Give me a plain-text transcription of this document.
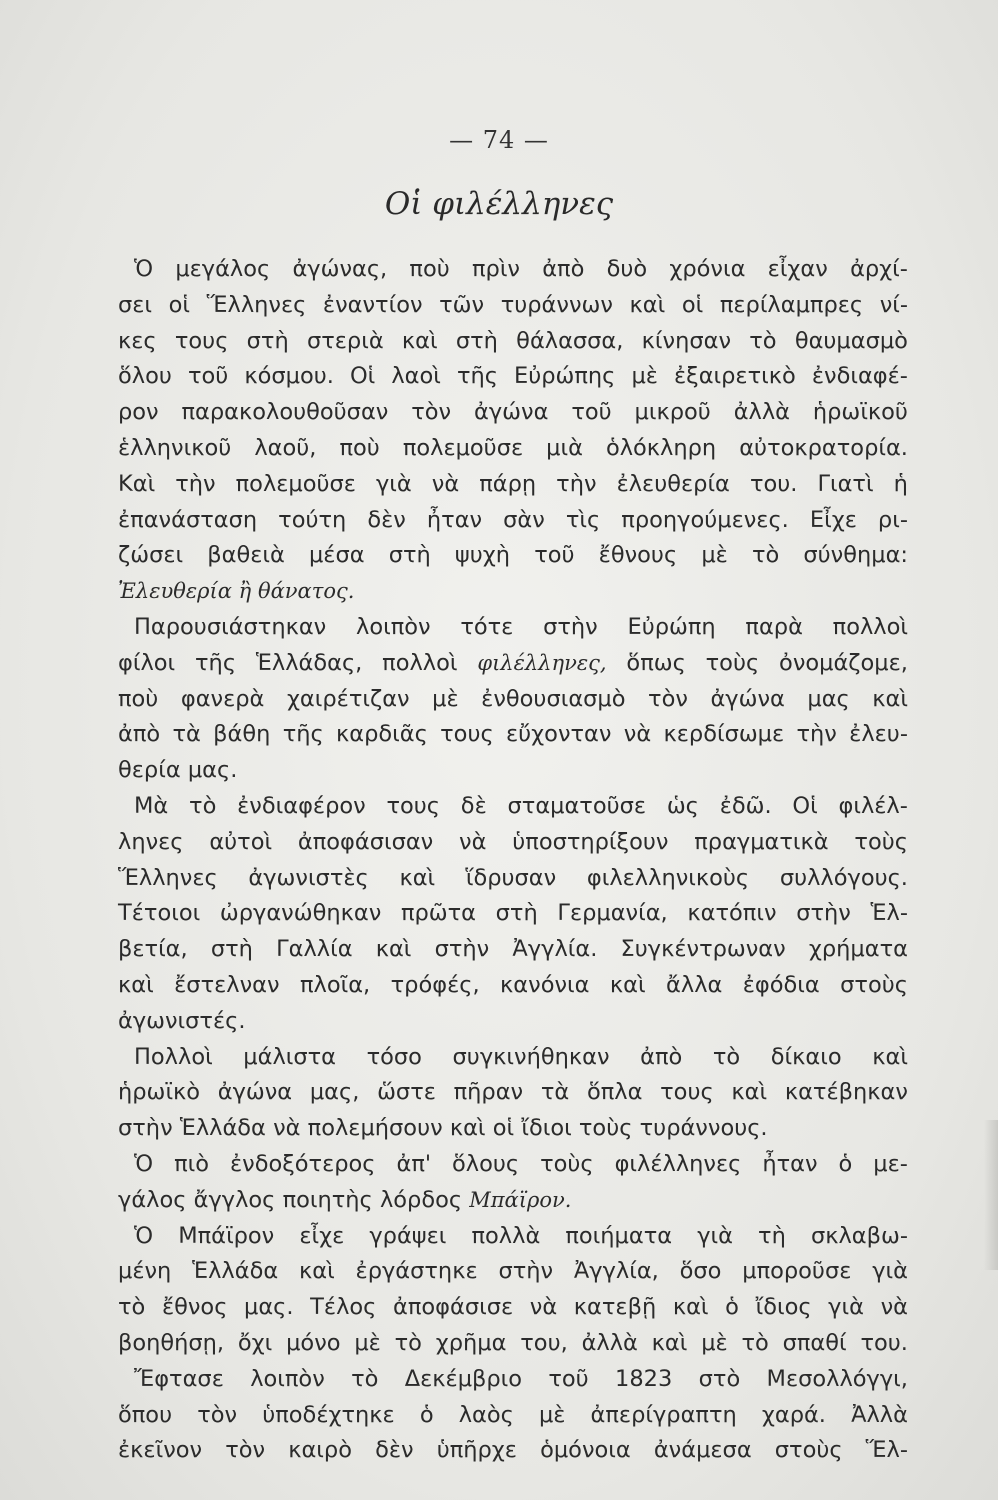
— 74 —
Οἱ φιλέλληνες
Ὁ μεγάλος ἀγώνας, ποὺ πρὶν ἀπὸ δυὸ χρόνια εἶχαν ἀρχί-
σει οἱ Ἕλληνες ἐναντίον τῶν τυράννων καὶ οἱ περίλαμπρες νί-
κες τους στὴ στεριὰ καὶ στὴ θάλασσα, κίνησαν τὸ θαυμασμὸ
ὅλου τοῦ κόσμου. Οἱ λαοὶ τῆς Εὐρώπης μὲ ἐξαιρετικὸ ἐνδιαφέ-
ρον παρακολουθοῦσαν τὸν ἀγώνα τοῦ μικροῦ ἀλλὰ ἡρωϊκοῦ
ἑλληνικοῦ λαοῦ, ποὺ πολεμοῦσε μιὰ ὁλόκληρη αὐτοκρατορία.
Καὶ τὴν πολεμοῦσε γιὰ νὰ πάρῃ τὴν ἐλευθερία του. Γιατὶ ἡ
ἐπανάσταση τούτη δὲν ἦταν σὰν τὶς προηγούμενες. Εἶχε ρι-
ζώσει βαθειὰ μέσα στὴ ψυχὴ τοῦ ἔθνους μὲ τὸ σύνθημα:
Ἐλευθερία ἢ θάνατος.
Παρουσιάστηκαν λοιπὸν τότε στὴν Εὐρώπη παρὰ πολλοὶ
φίλοι τῆς Ἑλλάδας, πολλοὶ φιλέλληνες, ὅπως τοὺς ὀνομάζομε,
ποὺ φανερὰ χαιρέτιζαν μὲ ἐνθουσιασμὸ τὸν ἀγώνα μας καὶ
ἀπὸ τὰ βάθη τῆς καρδιᾶς τους εὔχονταν νὰ κερδίσωμε τὴν ἐλευ-
θερία μας.
Μὰ τὸ ἐνδιαφέρον τους δὲ σταματοῦσε ὡς ἐδῶ. Οἱ φιλέλ-
ληνες αὐτοὶ ἀποφάσισαν νὰ ὑποστηρίξουν πραγματικὰ τοὺς
Ἕλληνες ἀγωνιστὲς καὶ ἵδρυσαν φιλελληνικοὺς συλλόγους.
Τέτοιοι ὠργανώθηκαν πρῶτα στὴ Γερμανία, κατόπιν στὴν Ἑλ-
βετία, στὴ Γαλλία καὶ στὴν Ἀγγλία. Συγκέντρωναν χρήματα
καὶ ἔστελναν πλοῖα, τρόφές, κανόνια καὶ ἄλλα ἐφόδια στοὺς
ἀγωνιστές.
Πολλοὶ μάλιστα τόσο συγκινήθηκαν ἀπὸ τὸ δίκαιο καὶ
ἡρωϊκὸ ἀγώνα μας, ὥστε πῆραν τὰ ὅπλα τους καὶ κατέβηκαν
στὴν Ἑλλάδα νὰ πολεμήσουν καὶ οἱ ἴδιοι τοὺς τυράννους.
Ὁ πιὸ ἐνδοξότερος ἀπ' ὅλους τοὺς φιλέλληνες ἦταν ὁ με-
γάλος ἄγγλος ποιητὴς λόρδος Μπάϊρον.
Ὁ Μπάϊρον εἶχε γράψει πολλὰ ποιήματα γιὰ τὴ σκλαβω-
μένη Ἑλλάδα καὶ ἐργάστηκε στὴν Ἀγγλία, ὅσο μποροῦσε γιὰ
τὸ ἔθνος μας. Τέλος ἀποφάσισε νὰ κατεβῇ καὶ ὁ ἴδιος γιὰ νὰ
βοηθήσῃ, ὄχι μόνο μὲ τὸ χρῆμα του, ἀλλὰ καὶ μὲ τὸ σπαθί του.
Ἔφτασε λοιπὸν τὸ Δεκέμβριο τοῦ 1823 στὸ Μεσολλόγγι,
ὅπου τὸν ὑποδέχτηκε ὁ λαὸς μὲ ἀπερίγραπτη χαρά. Ἀλλὰ
ἐκεῖνον τὸν καιρὸ δὲν ὑπῆρχε ὁμόνοια ἀνάμεσα στοὺς Ἕλ-
